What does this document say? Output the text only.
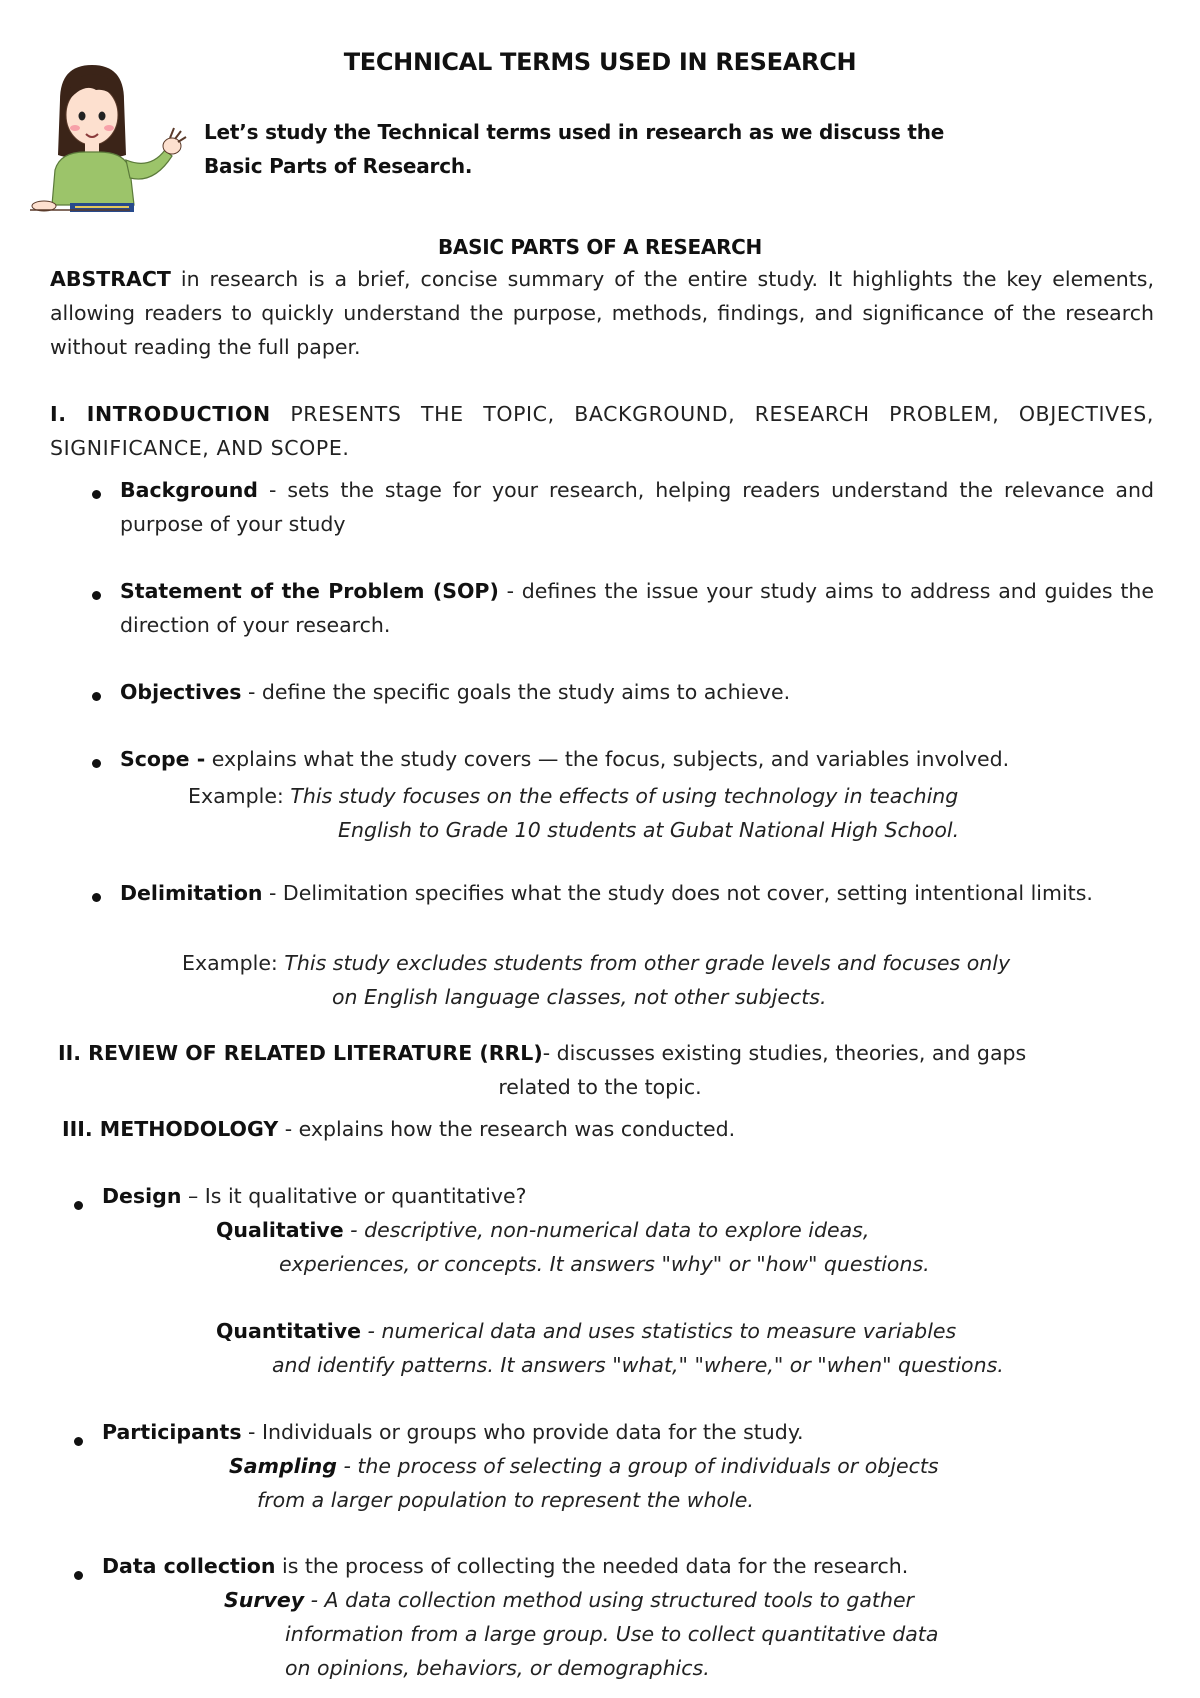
TECHNICAL TERMS USED IN RESEARCH
Let’s study the Technical terms used in research as we discuss the
Basic Parts of Research.
BASIC PARTS OF A RESEARCH
ABSTRACT in research is a brief, concise summary of the entire study. It highlights the key elements, allowing readers to quickly understand the purpose, methods, findings, and significance of the research without reading the full paper.
I. INTRODUCTION PRESENTS THE TOPIC, BACKGROUND, RESEARCH PROBLEM, OBJECTIVES, SIGNIFICANCE, AND SCOPE.
Background - sets the stage for your research, helping readers understand the relevance and purpose of your study
Statement of the Problem (SOP) - defines the issue your study aims to address and guides the direction of your research.
Objectives - define the specific goals the study aims to achieve.
Scope - explains what the study covers — the focus, subjects, and variables involved.
Example: This study focuses on the effects of using technology in teaching
English to Grade 10 students at Gubat National High School.
Delimitation - Delimitation specifies what the study does not cover, setting intentional limits.
Example: This study excludes students from other grade levels and focuses only
on English language classes, not other subjects.
II. REVIEW OF RELATED LITERATURE (RRL)- discusses existing studies, theories, and gaps
related to the topic.
III. METHODOLOGY - explains how the research was conducted.
Design – Is it qualitative or quantitative?
Qualitative - descriptive, non-numerical data to explore ideas,
experiences, or concepts. It answers "why" or "how" questions.
Quantitative - numerical data and uses statistics to measure variables
and identify patterns. It answers "what," "where," or "when" questions.
Participants - Individuals or groups who provide data for the study.
Sampling - the process of selecting a group of individuals or objects
from a larger population to represent the whole.
Data collection is the process of collecting the needed data for the research.
Survey - A data collection method using structured tools to gather
information from a large group. Use to collect quantitative data
on opinions, behaviors, or demographics.
